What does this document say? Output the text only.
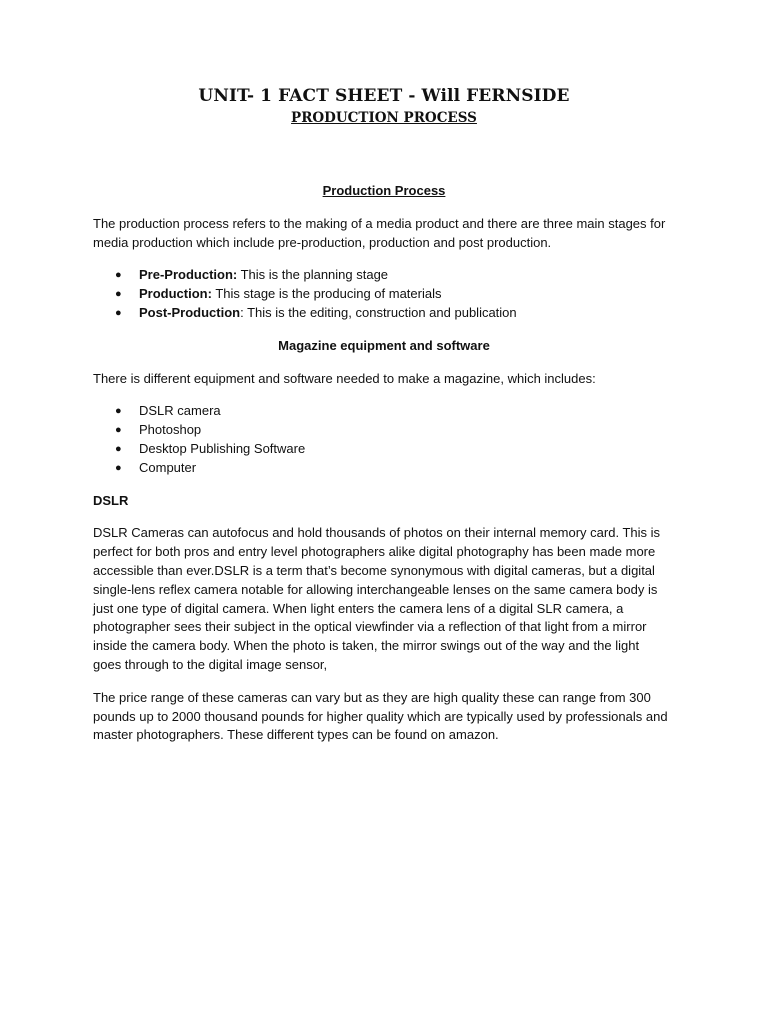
UNIT- 1 FACT SHEET - Will FERNSIDE
PRODUCTION PROCESS

Production Process

The production process refers to the making of a media product and there are three main stages for

media production which include pre-production, production and post production.

● Pre-Production: This is the planning stage
● Production: This stage is the producing of materials
● Post-Production: This is the editing, construction and publication

Magazine equipment and software

There is different equipment and software needed to make a magazine, which includes:

● DSLR camera
● Photoshop
● Desktop Publishing Software
● Computer

DSLR

DSLR Cameras can autofocus and hold thousands of photos on their internal memory card. This is

perfect for both pros and entry level photographers alike digital photography has been made more

accessible than ever.DSLR is a term that’s become synonymous with digital cameras, but a digital

single-lens reflex camera notable for allowing interchangeable lenses on the same camera body is

just one type of digital camera. When light enters the camera lens of a digital SLR camera, a

photographer sees their subject in the optical viewfinder via a reflection of that light from a mirror

inside the camera body. When the photo is taken, the mirror swings out of the way and the light

goes through to the digital image sensor,

The price range of these cameras can vary but as they are high quality these can range from 300

pounds up to 2000 thousand pounds for higher quality which are typically used by professionals and

master photographers. These different types can be found on amazon.
